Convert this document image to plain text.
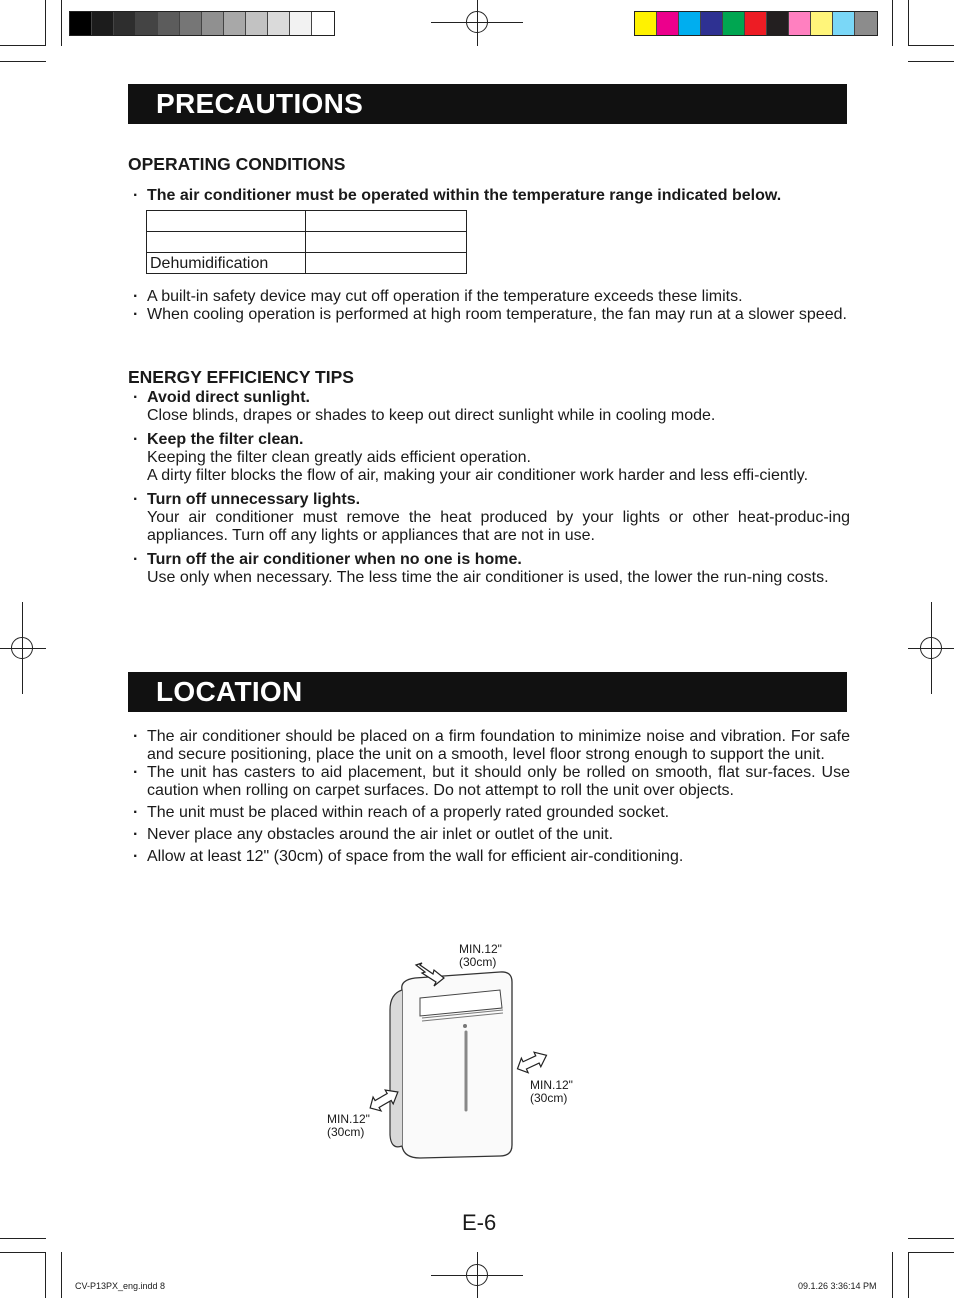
PRECAUTIONS
OPERATING CONDITIONS
· The air conditioner must be operated within the temperature range indicated below.

Dehumidification	
· A built-in safety device may cut off operation if the temperature exceeds these limits.
· When cooling operation is performed at high room temperature, the fan may run at a slower speed.
ENERGY EFFICIENCY TIPS
· Avoid direct sunlight.
Close blinds, drapes or shades to keep out direct sunlight while in cooling mode.
· Keep the filter clean.
Keeping the filter clean greatly aids efficient operation.
A dirty filter blocks the flow of air, making your air conditioner work harder and less effi-ciently.
· Turn off unnecessary lights.
Your air conditioner must remove the heat produced by your lights or other heat-produc-ing appliances. Turn off any lights or appliances that are not in use.
· Turn off the air conditioner when no one is home.
Use only when necessary. The less time the air conditioner is used, the lower the run-ning costs.
LOCATION
· The air conditioner should be placed on a firm foundation to minimize noise and vibration. For safe and secure positioning, place the unit on a smooth, level floor strong enough to support the unit.
· The unit has casters to aid placement, but it should only be rolled on smooth, flat sur-faces. Use caution when rolling on carpet surfaces. Do not attempt to roll the unit over objects.
· The unit must be placed within reach of a properly rated grounded socket.
· Never place any obstacles around the air inlet or outlet of the unit.
· Allow at least 12" (30cm) of space from the wall for efficient air-conditioning.
MIN.12"
(30cm)
MIN.12"
(30cm)
MIN.12"
(30cm)
E-6
CV-P13PX_eng.indd 8	09.1.26 3:36:14 PM
